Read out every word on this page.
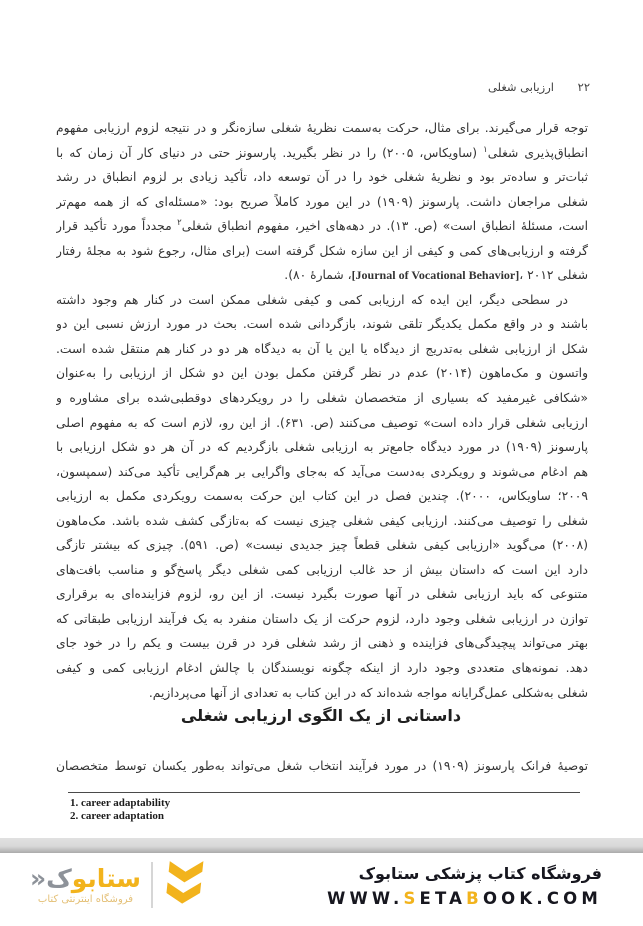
۲۲ ارزیابی شغلی
توجه قرار می‌گیرند. برای مثال، حرکت به‌سمت نظریهٔ شغلی سازه‌نگر و در نتیجه لزوم ارزیابی مفهوم
انطباق‌پذیری شغلی$^۱$ (ساویکاس، ۲۰۰۵) را در نظر بگیرید. پارسونز حتی در دنیای کار آن زمان که با
ثبات‌تر و ساده‌تر بود و نظریهٔ شغلی خود را در آن توسعه داد، تأکید زیادی بر لزوم انطباق در رشد
شغلی مراجعان داشت. پارسونز (۱۹۰۹) در این مورد کاملاً صریح بود: «مسئله‌ای که از همه مهم‌تر
است، مسئلهٔ انطباق است» (ص. ۱۳). در دهه‌های اخیر، مفهوم انطباق شغلی$^۲$ مجدداً مورد تأکید قرار
گرفته و ارزیابی‌های کمی و کیفی از این سازه شکل گرفته است (برای مثال، رجوع شود به مجلهٔ رفتار
شغلی [Journal of Vocational Behavior]، ۲۰۱۲، شمارهٔ ۸۰).
در سطحی دیگر، این ایده که ارزیابی کمی و کیفی شغلی ممکن است در کنار هم وجود داشته
باشند و در واقع مکمل یکدیگر تلقی شوند، بازگردانی شده است. بحث در مورد ارزش نسبی این دو
شکل از ارزیابی شغلی به‌تدریج از دیدگاه یا این یا آن به دیدگاه هر دو در کنار هم منتقل شده است.
واتسون و مک‌ماهون (۲۰۱۴) عدم در نظر گرفتن مکمل بودن این دو شکل از ارزیابی را به‌عنوان
«شکافی غیرمفید که بسیاری از متخصصان شغلی را در رویکردهای دوقطبی‌شده برای مشاوره و
ارزیابی شغلی قرار داده است» توصیف می‌کنند (ص. ۶۳۱). از این رو، لازم است که به مفهوم اصلی
پارسونز (۱۹۰۹) در مورد دیدگاه جامع‌تر به ارزیابی شغلی بازگردیم که در آن هر دو شکل ارزیابی با
هم ادغام می‌شوند و رویکردی به‌دست می‌آید که به‌جای واگرایی بر هم‌گرایی تأکید می‌کند (سمپسون،
۲۰۰۹؛ ساویکاس، ۲۰۰۰). چندین فصل در این کتاب این حرکت به‌سمت رویکردی مکمل به ارزیابی
شغلی را توصیف می‌کنند. ارزیابی کیفی شغلی چیزی نیست که به‌تازگی کشف شده باشد. مک‌ماهون
(۲۰۰۸) می‌گوید «ارزیابی کیفی شغلی قطعاً چیز جدیدی نیست» (ص. ۵۹۱). چیزی که بیشتر تازگی
دارد این است که داستان بیش از حد غالب ارزیابی کمی شغلی دیگر پاسخ‌گو و مناسب بافت‌های
متنوعی که باید ارزیابی شغلی در آنها صورت بگیرد نیست. از این رو، لزوم فزاینده‌ای به برقراری
توازن در ارزیابی شغلی وجود دارد، لزوم حرکت از یک داستان منفرد به یک فرآیند ارزیابی طبقاتی که
بهتر می‌تواند پیچیدگی‌های فزاینده و ذهنی از رشد شغلی فرد در قرن بیست و یکم را در خود جای
دهد. نمونه‌های متعددی وجود دارد از اینکه چگونه نویسندگان با چالش ادغام ارزیابی کمی و کیفی
شغلی به‌شکلی عمل‌گرایانه مواجه شده‌اند که در این کتاب به تعدادی از آنها می‌پردازیم.
داستانی از یک الگوی ارزیابی شغلی
توصیهٔ فرانک پارسونز (۱۹۰۹) در مورد فرآیند انتخاب شغل می‌تواند به‌طور یکسان توسط متخصصان
1. career adaptability
2. career adaptation
فروشگاه کتاب پزشکی ستابوک
WWW.SETABOOK.COM
ستابوک«
فروشگاه اینترنتی کتاب
